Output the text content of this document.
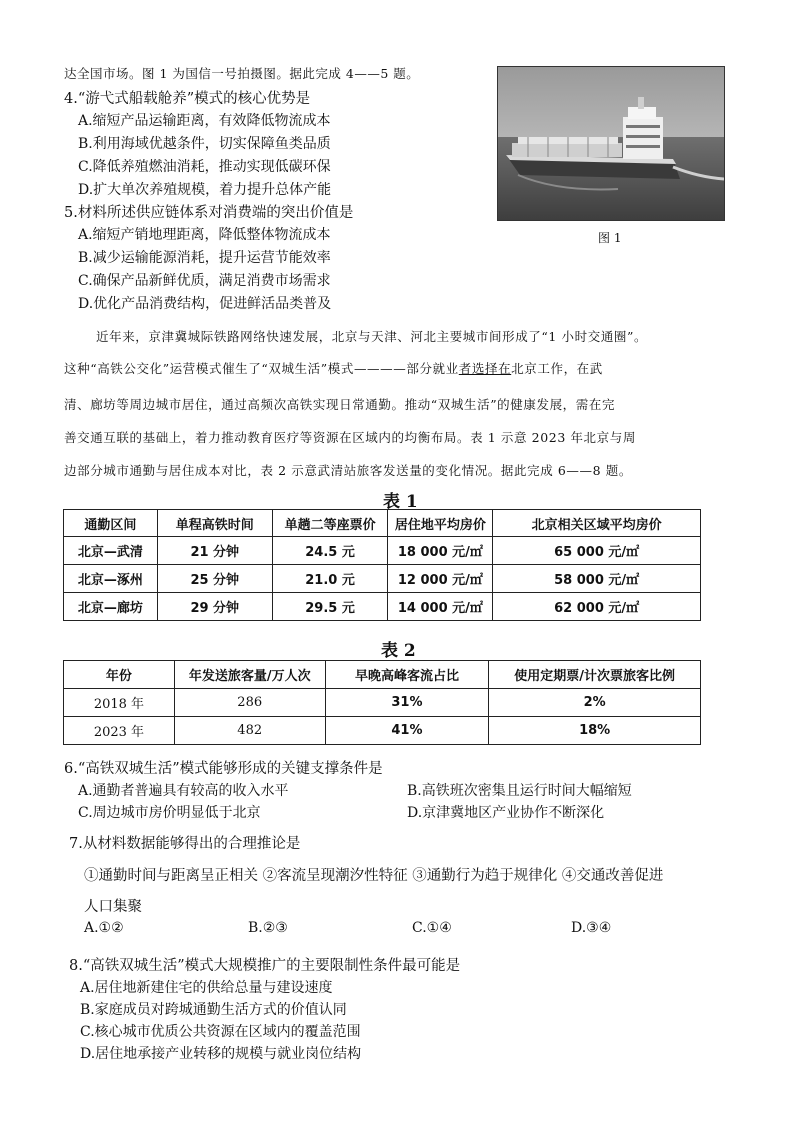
达全国市场。图 1 为国信一号拍摄图。据此完成 4——5 题。
4.“游弋式船载舱养”模式的核心优势是
A.缩短产品运输距离，有效降低物流成本
B.利用海域优越条件，切实保障鱼类品质
C.降低养殖燃油消耗，推动实现低碳环保
D.扩大单次养殖规模，着力提升总体产能
5.材料所述供应链体系对消费端的突出价值是
A.缩短产销地理距离，降低整体物流成本
B.减少运输能源消耗，提升运营节能效率
C.确保产品新鲜优质，满足消费市场需求
D.优化产品消费结构，促进鲜活品类普及
图 1
近年来，京津冀城际铁路网络快速发展，北京与天津、河北主要城市间形成了“1 小时交通圈”。
这种“高铁公交化”运营模式催生了“双城生活”模式————部分就业者选择在北京工作，在武
清、廊坊等周边城市居住，通过高频次高铁实现日常通勤。推动“双城生活”的健康发展，需在完
善交通互联的基础上，着力推动教育医疗等资源在区域内的均衡布局。表 1 示意 2023 年北京与周
边部分城市通勤与居住成本对比，表 2 示意武清站旅客发送量的变化情况。据此完成 6——8 题。
表 1
通勤区间	单程高铁时间	单趟二等座票价	居住地平均房价	北京相关区域平均房价
北京—武清	21 分钟	24.5 元	18 000 元/㎡	65 000 元/㎡
北京—涿州	25 分钟	21.0 元	12 000 元/㎡	58 000 元/㎡
北京—廊坊	29 分钟	29.5 元	14 000 元/㎡	62 000 元/㎡
表 2
年份	年发送旅客量/万人次	早晚高峰客流占比	使用定期票/计次票旅客比例
2018 年	286	31%	2%
2023 年	482	41%	18%
6.“高铁双城生活”模式能够形成的关键支撑条件是
A.通勤者普遍具有较高的收入水平	B.高铁班次密集且运行时间大幅缩短
C.周边城市房价明显低于北京	D.京津冀地区产业协作不断深化
7.从材料数据能够得出的合理推论是
①通勤时间与距离呈正相关 ②客流呈现潮汐性特征 ③通勤行为趋于规律化 ④交通改善促进
人口集聚
A.①②	B.②③	C.①④	D.③④
8.“高铁双城生活”模式大规模推广的主要限制性条件最可能是
A.居住地新建住宅的供给总量与建设速度
B.家庭成员对跨城通勤生活方式的价值认同
C.核心城市优质公共资源在区域内的覆盖范围
D.居住地承接产业转移的规模与就业岗位结构
